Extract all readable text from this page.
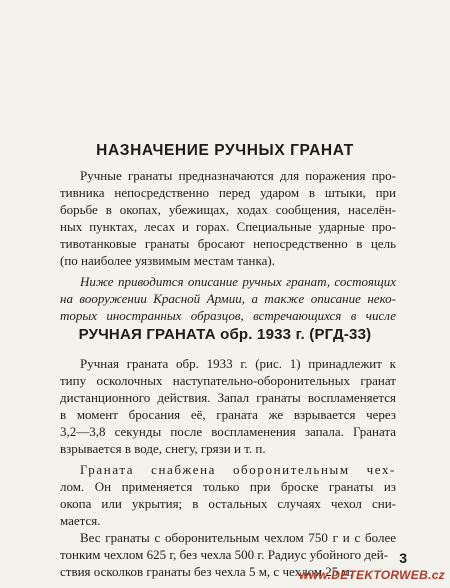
НАЗНАЧЕНИЕ РУЧНЫХ ГРАНАТ
Ручные гранаты предназначаются для поражения про-
тивника непосредственно перед ударом в штыки, при
борьбе в окопах, убежищах, ходах сообщения, населён-
ных пунктах, лесах и горах. Специальные ударные про-
тивотанковые гранаты бросают непосредственно в цель
(по наиболее уязвимым местам танка).
Ниже приводится описание ручных гранат, состоящих
на вооружении Красной Армии, а также описание неко-
торых иностранных образцов, встречающихся в числе
РУЧНАЯ ГРАНАТА обр. 1933 г. (РГД-33)
Ручная граната обр. 1933 г. (рис. 1) принадлежит к
типу осколочных наступательно-оборонительных гранат
дистанционного действия. Запал гранаты воспламеняется
в момент бросания её, граната же взрывается через
3,2—3,8 секунды после воспламенения запала. Граната
взрывается в воде, снегу, грязи и т. п.
Граната снабжена оборонительным чех-
лом. Он применяется только при броске гранаты из
окопа или укрытия; в остальных случаях чехол сни-
мается.
Вес гранаты с оборонительным чехлом 750 г и с более
тонким чехлом 625 г, без чехла 500 г. Радиус убойного дей-
ствия осколков гранаты без чехла 5 м, с чехлом 25 м.
3
www.DETEKTORWEB.cz
